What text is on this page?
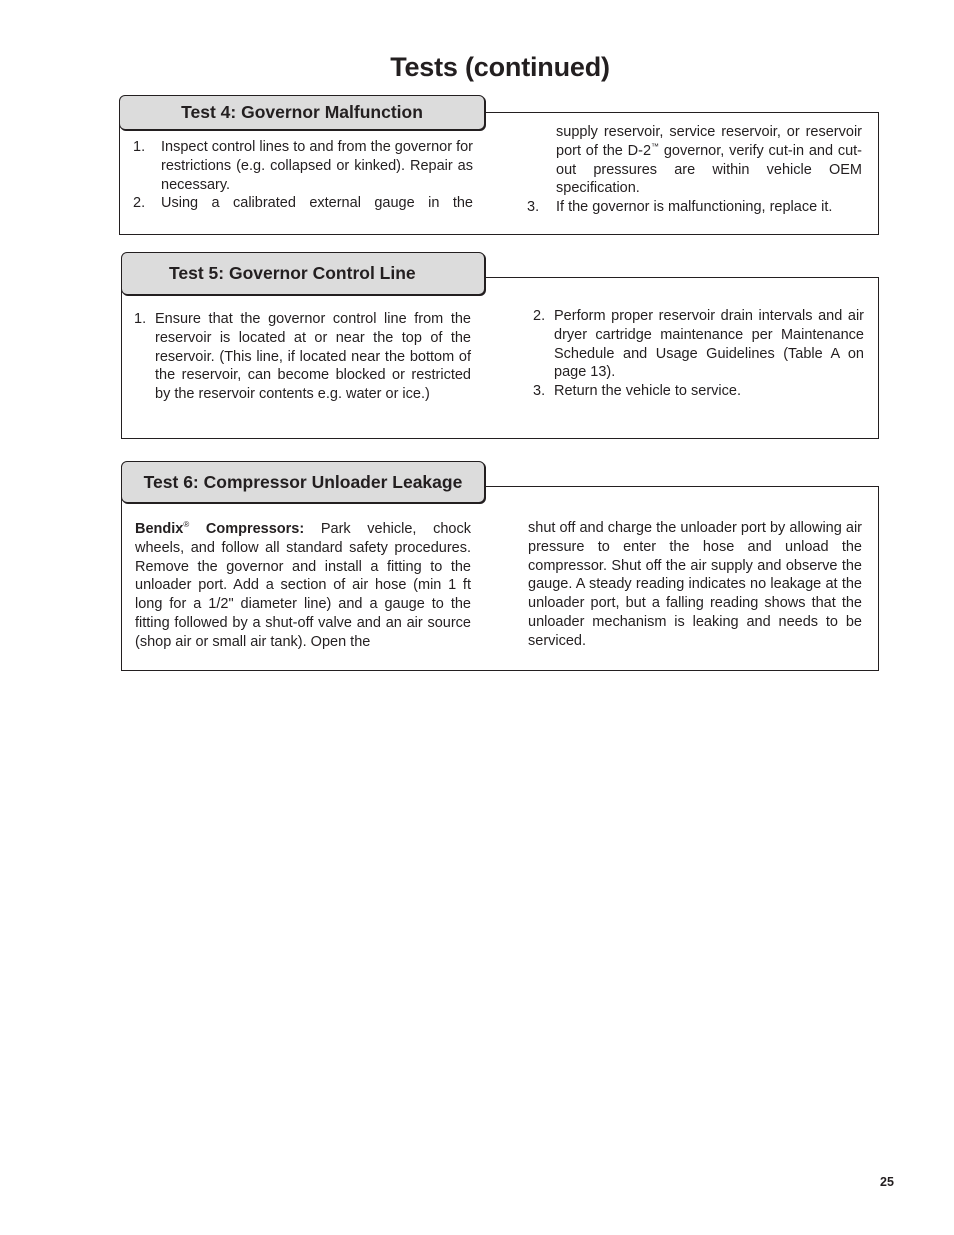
Tests (continued)
Test 4: Governor Malfunction
1.	Inspect control lines to and from the governor for restrictions (e.g. collapsed or kinked). Repair as necessary.
2.	Using a calibrated external gauge in the
supply reservoir, service reservoir, or reservoir port of the D-2™ governor, verify cut-in and cut-out pressures are within vehicle OEM specification.
3.	If the governor is malfunctioning, replace it.
Test 5: Governor Control Line
1. Ensure that the governor control line from the reservoir is located at or near the top of the reservoir. (This line, if located near the bottom of the reservoir, can become blocked or restricted by the reservoir contents e.g. water or ice.)
2. Perform proper reservoir drain intervals and air dryer cartridge maintenance per Maintenance Schedule and Usage Guidelines (Table A on page 13).
3. Return the vehicle to service.
Test 6: Compressor Unloader Leakage
Bendix® Compressors: Park vehicle, chock wheels, and follow all standard safety procedures. Remove the governor and install a fitting to the unloader port. Add a section of air hose (min 1 ft long for a 1/2" diameter line) and a gauge to the fitting followed by a shut-off valve and an air source (shop air or small air tank). Open the
shut off and charge the unloader port by allowing air pressure to enter the hose and unload the compressor. Shut off the air supply and observe the gauge. A steady reading indicates no leakage at the unloader port, but a falling reading shows that the unloader mechanism is leaking and needs to be serviced.
25
